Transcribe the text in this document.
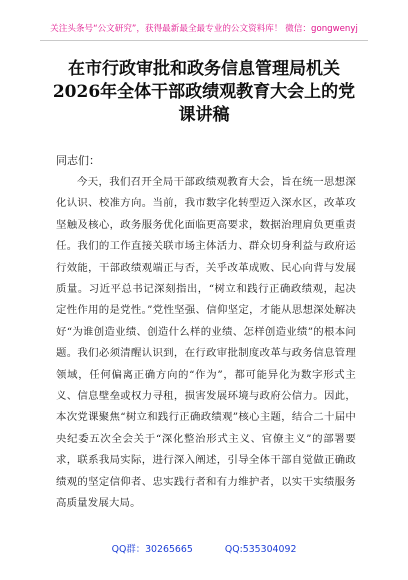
关注头条号“公文研究”，获得最新最全最专业的公文资料库！ 微信：gongwenyj
在市行政审批和政务信息管理局机关2026年全体干部政绩观教育大会上的党课讲稿
同志们：

今天，我们召开全局干部政绩观教育大会，旨在统一思想深化认识、校准方向。当前，我市数字化转型迈入深水区，改革攻坚触及核心，政务服务优化面临更高要求，数据治理肩负更重责任。我们的工作直接关联市场主体活力、群众切身利益与政府运行效能，干部政绩观端正与否，关乎改革成败、民心向背与发展质量。习近平总书记深刻指出，“树立和践行正确政绩观，起决定性作用的是党性。”党性坚强、信仰坚定，才能从思想深处解决好“为谁创造业绩、创造什么样的业绩、怎样创造业绩”的根本问题。我们必须清醒认识到，在行政审批制度改革与政务信息管理领域，任何偏离正确方向的“作为”，都可能异化为数字形式主义、信息壁垒或权力寻租，损害发展环境与政府公信力。因此，本次党课聚焦“树立和践行正确政绩观”核心主题，结合二十届中央纪委五次全会关于“深化整治形式主义、官僚主义”的部署要求，联系我局实际，进行深入阐述，引导全体干部自觉做正确政绩观的坚定信仰者、忠实践行者和有力维护者，以实干实绩服务高质量发展大局。

QQ群：30265665	QQ:535304092
